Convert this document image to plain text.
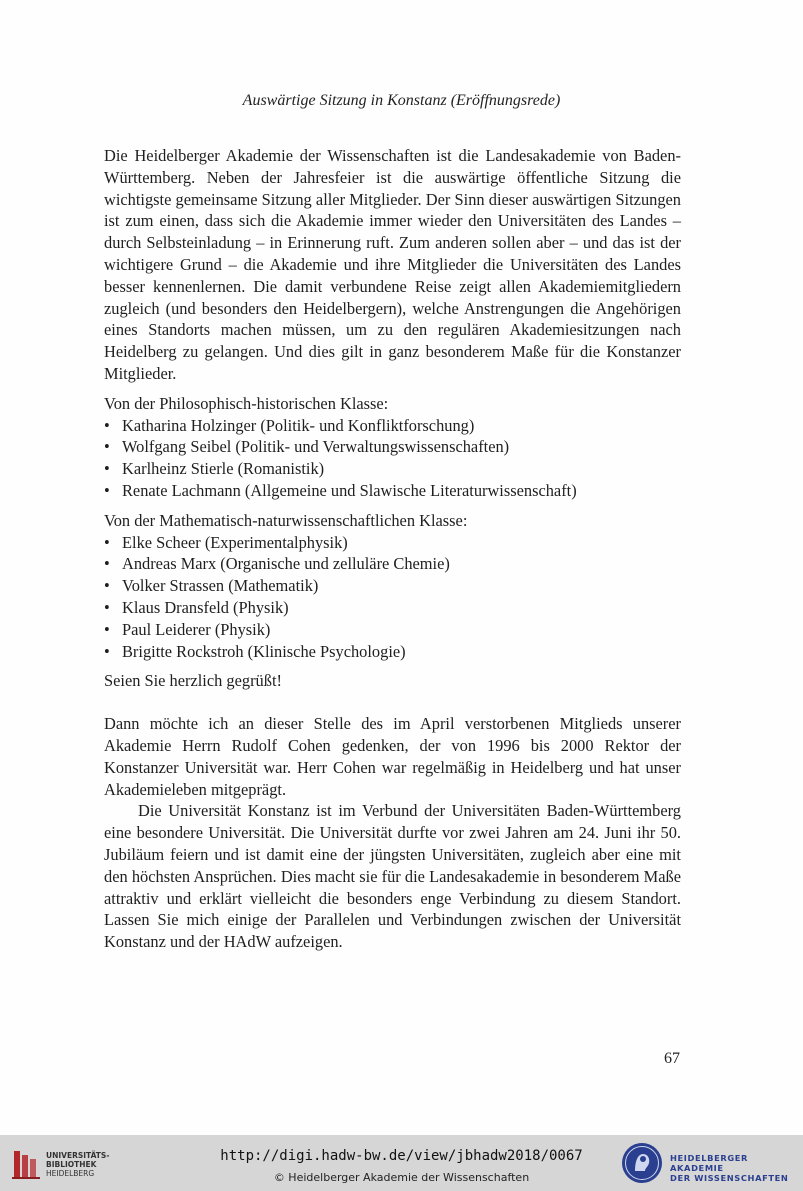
Auswärtige Sitzung in Konstanz (Eröffnungsrede)

Die Heidelberger Akademie der Wissenschaften ist die Landesakademie von Baden-Württemberg. Neben der Jahresfeier ist die auswärtige öffentliche Sitzung die wichtigste gemeinsame Sitzung aller Mitglieder. Der Sinn dieser auswärtigen Sitzungen ist zum einen, dass sich die Akademie immer wieder den Universitäten des Landes – durch Selbsteinladung – in Erinnerung ruft. Zum anderen sollen aber – und das ist der wichtigere Grund – die Akademie und ihre Mitglieder die Universitäten des Landes besser kennenlernen. Die damit verbundene Reise zeigt allen Akademiemitgliedern zugleich (und besonders den Heidelbergern), welche Anstrengungen die Angehörigen eines Standorts machen müssen, um zu den regulären Akademiesitzungen nach Heidelberg zu gelangen. Und dies gilt in ganz besonderem Maße für die Konstanzer Mitglieder.

Von der Philosophisch-historischen Klasse:

• Katharina Holzinger (Politik- und Konfliktforschung)
• Wolfgang Seibel (Politik- und Verwaltungswissenschaften)
• Karlheinz Stierle (Romanistik)
• Renate Lachmann (Allgemeine und Slawische Literaturwissenschaft)

Von der Mathematisch-naturwissenschaftlichen Klasse:

• Elke Scheer (Experimentalphysik)
• Andreas Marx (Organische und zelluläre Chemie)
• Volker Strassen (Mathematik)
• Klaus Dransfeld (Physik)
• Paul Leiderer (Physik)
• Brigitte Rockstroh (Klinische Psychologie)

Seien Sie herzlich gegrüßt!

Dann möchte ich an dieser Stelle des im April verstorbenen Mitglieds unserer Akademie Herrn Rudolf Cohen gedenken, der von 1996 bis 2000 Rektor der Konstanzer Universität war. Herr Cohen war regelmäßig in Heidelberg und hat unser Akademieleben mitgeprägt.

Die Universität Konstanz ist im Verbund der Universitäten Baden-Württemberg eine besondere Universität. Die Universität durfte vor zwei Jahren am 24. Juni ihr 50. Jubiläum feiern und ist damit eine der jüngsten Universitäten, zugleich aber eine mit den höchsten Ansprüchen. Dies macht sie für die Landesakademie in besonderem Maße attraktiv und erklärt vielleicht die besonders enge Verbindung zu diesem Standort. Lassen Sie mich einige der Parallelen und Verbindungen zwischen der Universität Konstanz und der HAdW aufzeigen.

67
UNIVERSITÄTS-
BIBLIOTHEK
HEIDELBERG
http://digi.hadw-bw.de/view/jbhadw2018/0067
© Heidelberger Akademie der Wissenschaften
HEIDELBERGER AKADEMIE
DER WISSENSCHAFTEN
